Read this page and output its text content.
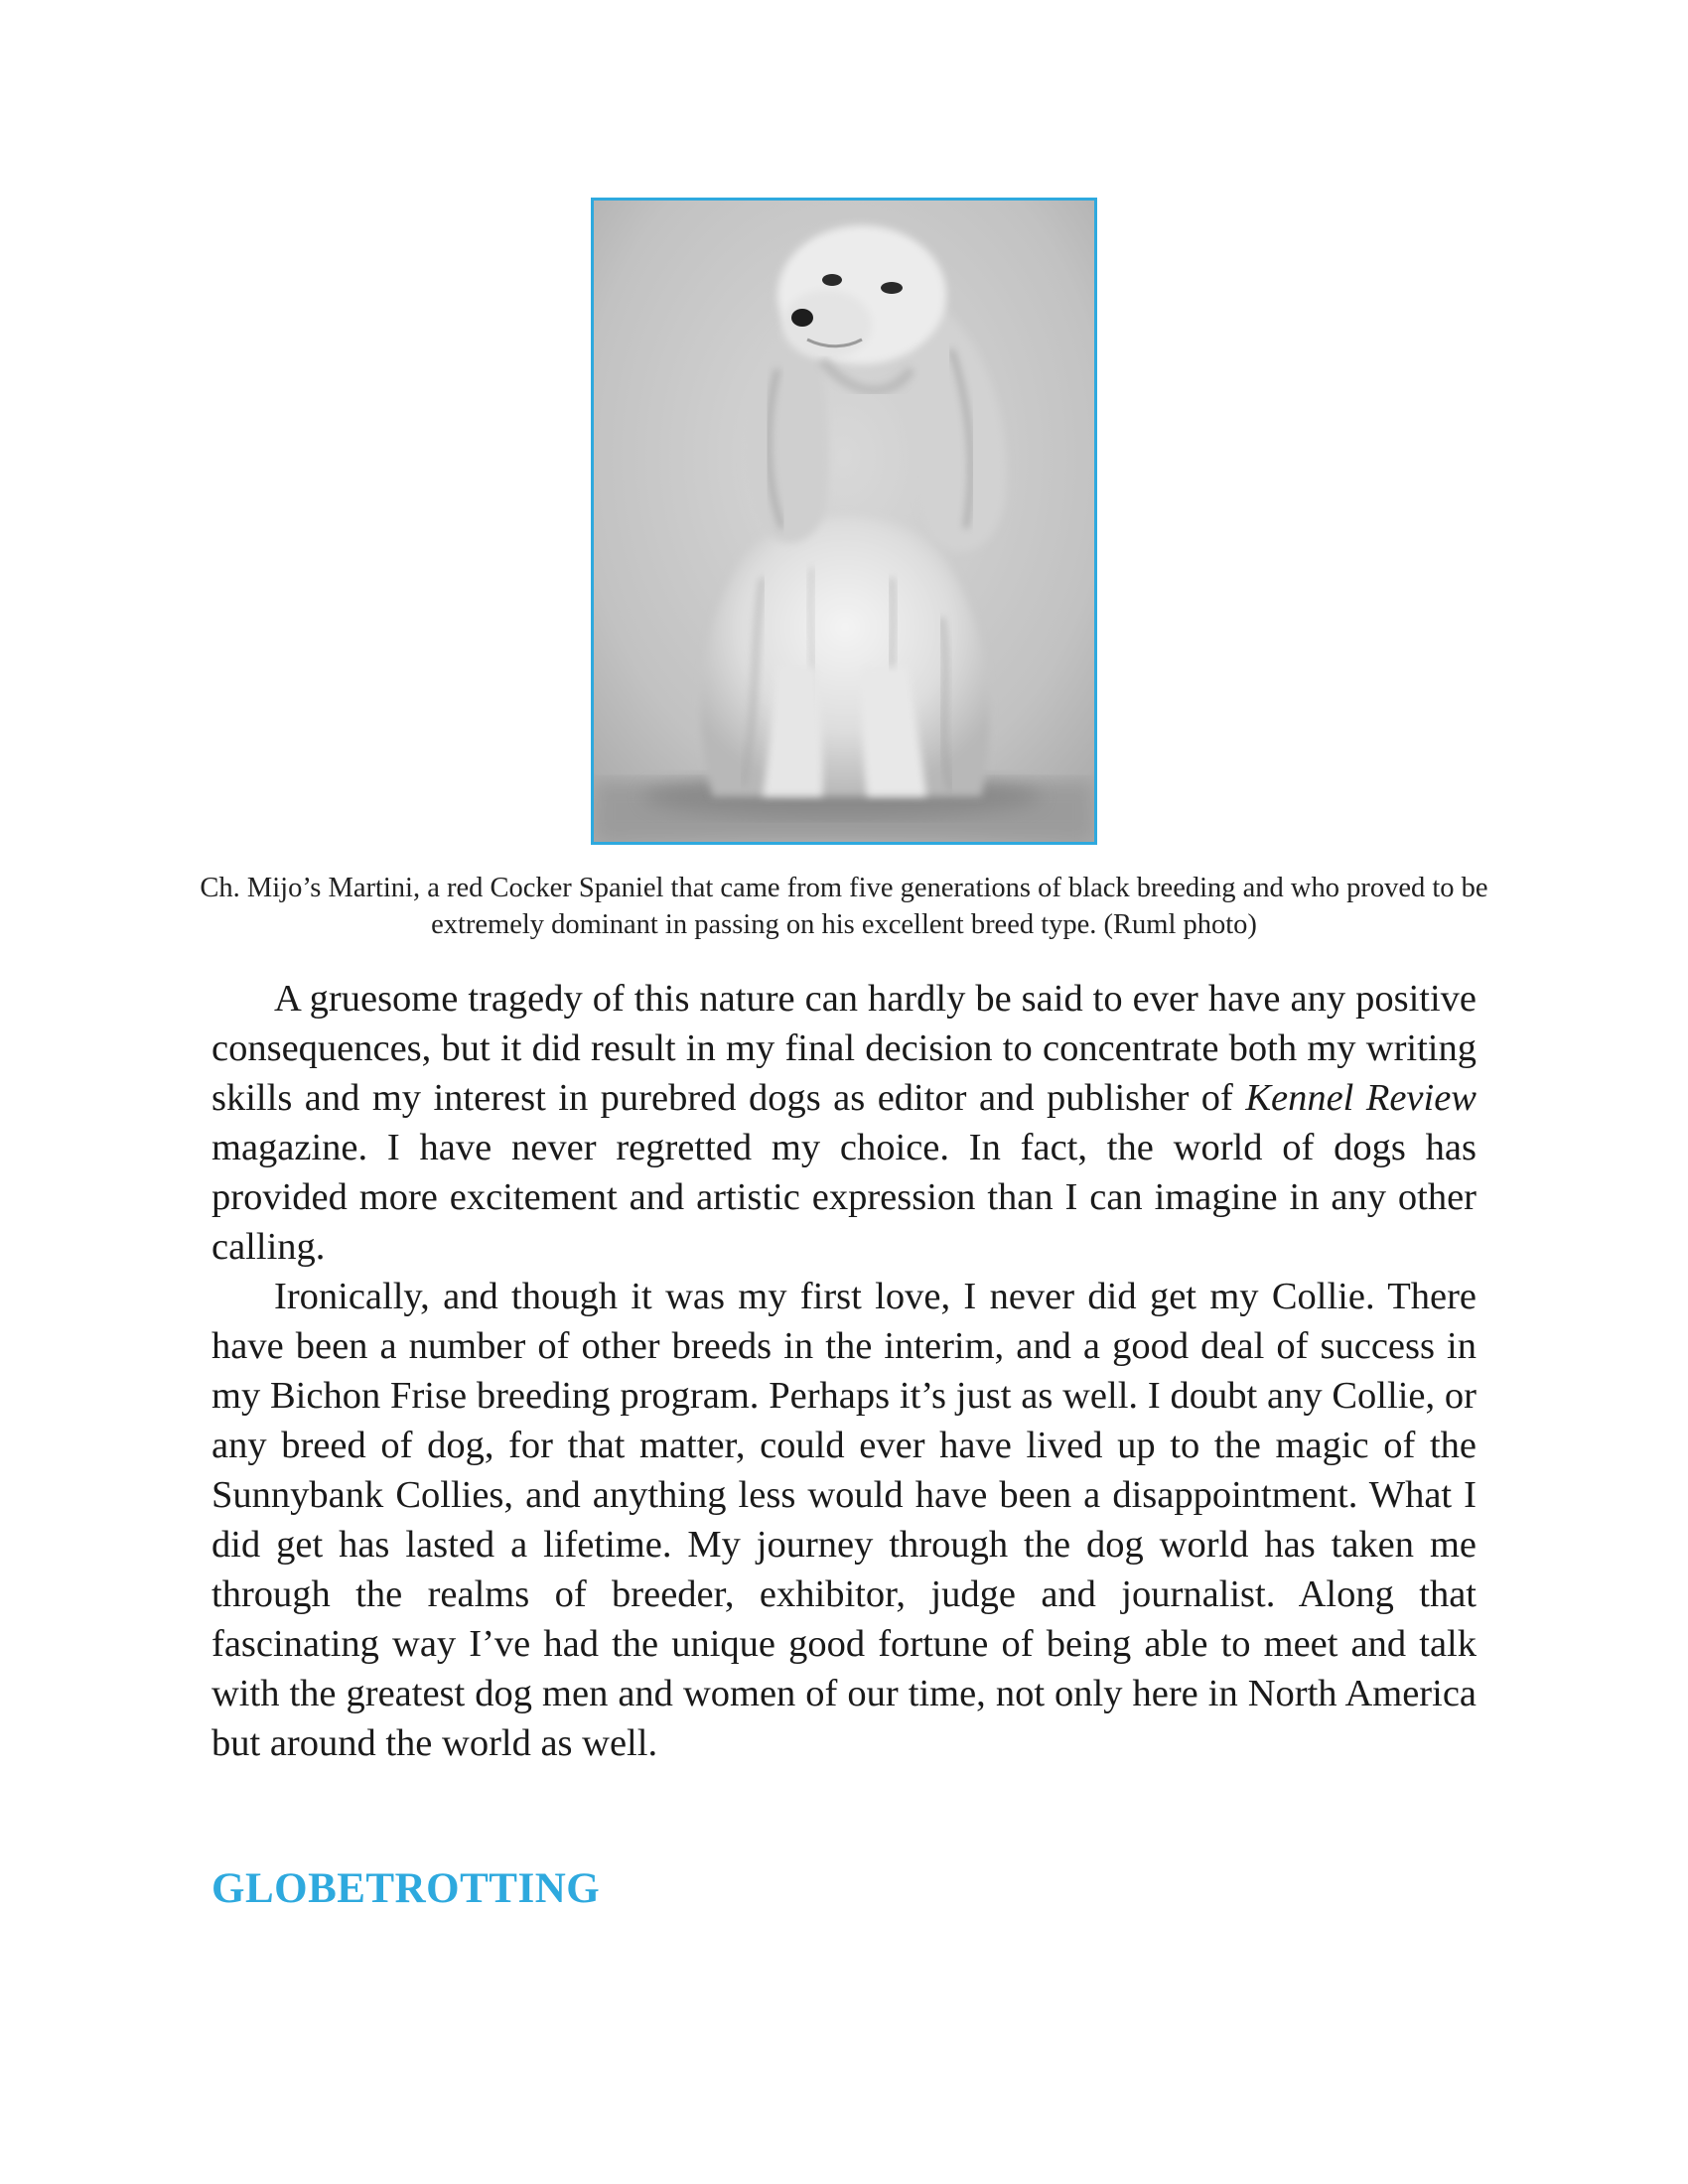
Ch. Mijo’s Martini, a red Cocker Spaniel that came from five generations of black breeding and who proved to be extremely dominant in passing on his excellent breed type. (Ruml photo)

A gruesome tragedy of this nature can hardly be said to ever have any positive consequences, but it did result in my final decision to concentrate both my writing skills and my interest in purebred dogs as editor and publisher of Kennel Review magazine. I have never regretted my choice. In fact, the world of dogs has provided more excitement and artistic expression than I can imagine in any other calling.

Ironically, and though it was my first love, I never did get my Collie. There have been a number of other breeds in the interim, and a good deal of success in my Bichon Frise breeding program. Perhaps it’s just as well. I doubt any Collie, or any breed of dog, for that matter, could ever have lived up to the magic of the Sunnybank Collies, and anything less would have been a disappointment. What I did get has lasted a lifetime. My journey through the dog world has taken me through the realms of breeder, exhibitor, judge and journalist. Along that fascinating way I’ve had the unique good fortune of being able to meet and talk with the greatest dog men and women of our time, not only here in North America but around the world as well.

GLOBETROTTING
